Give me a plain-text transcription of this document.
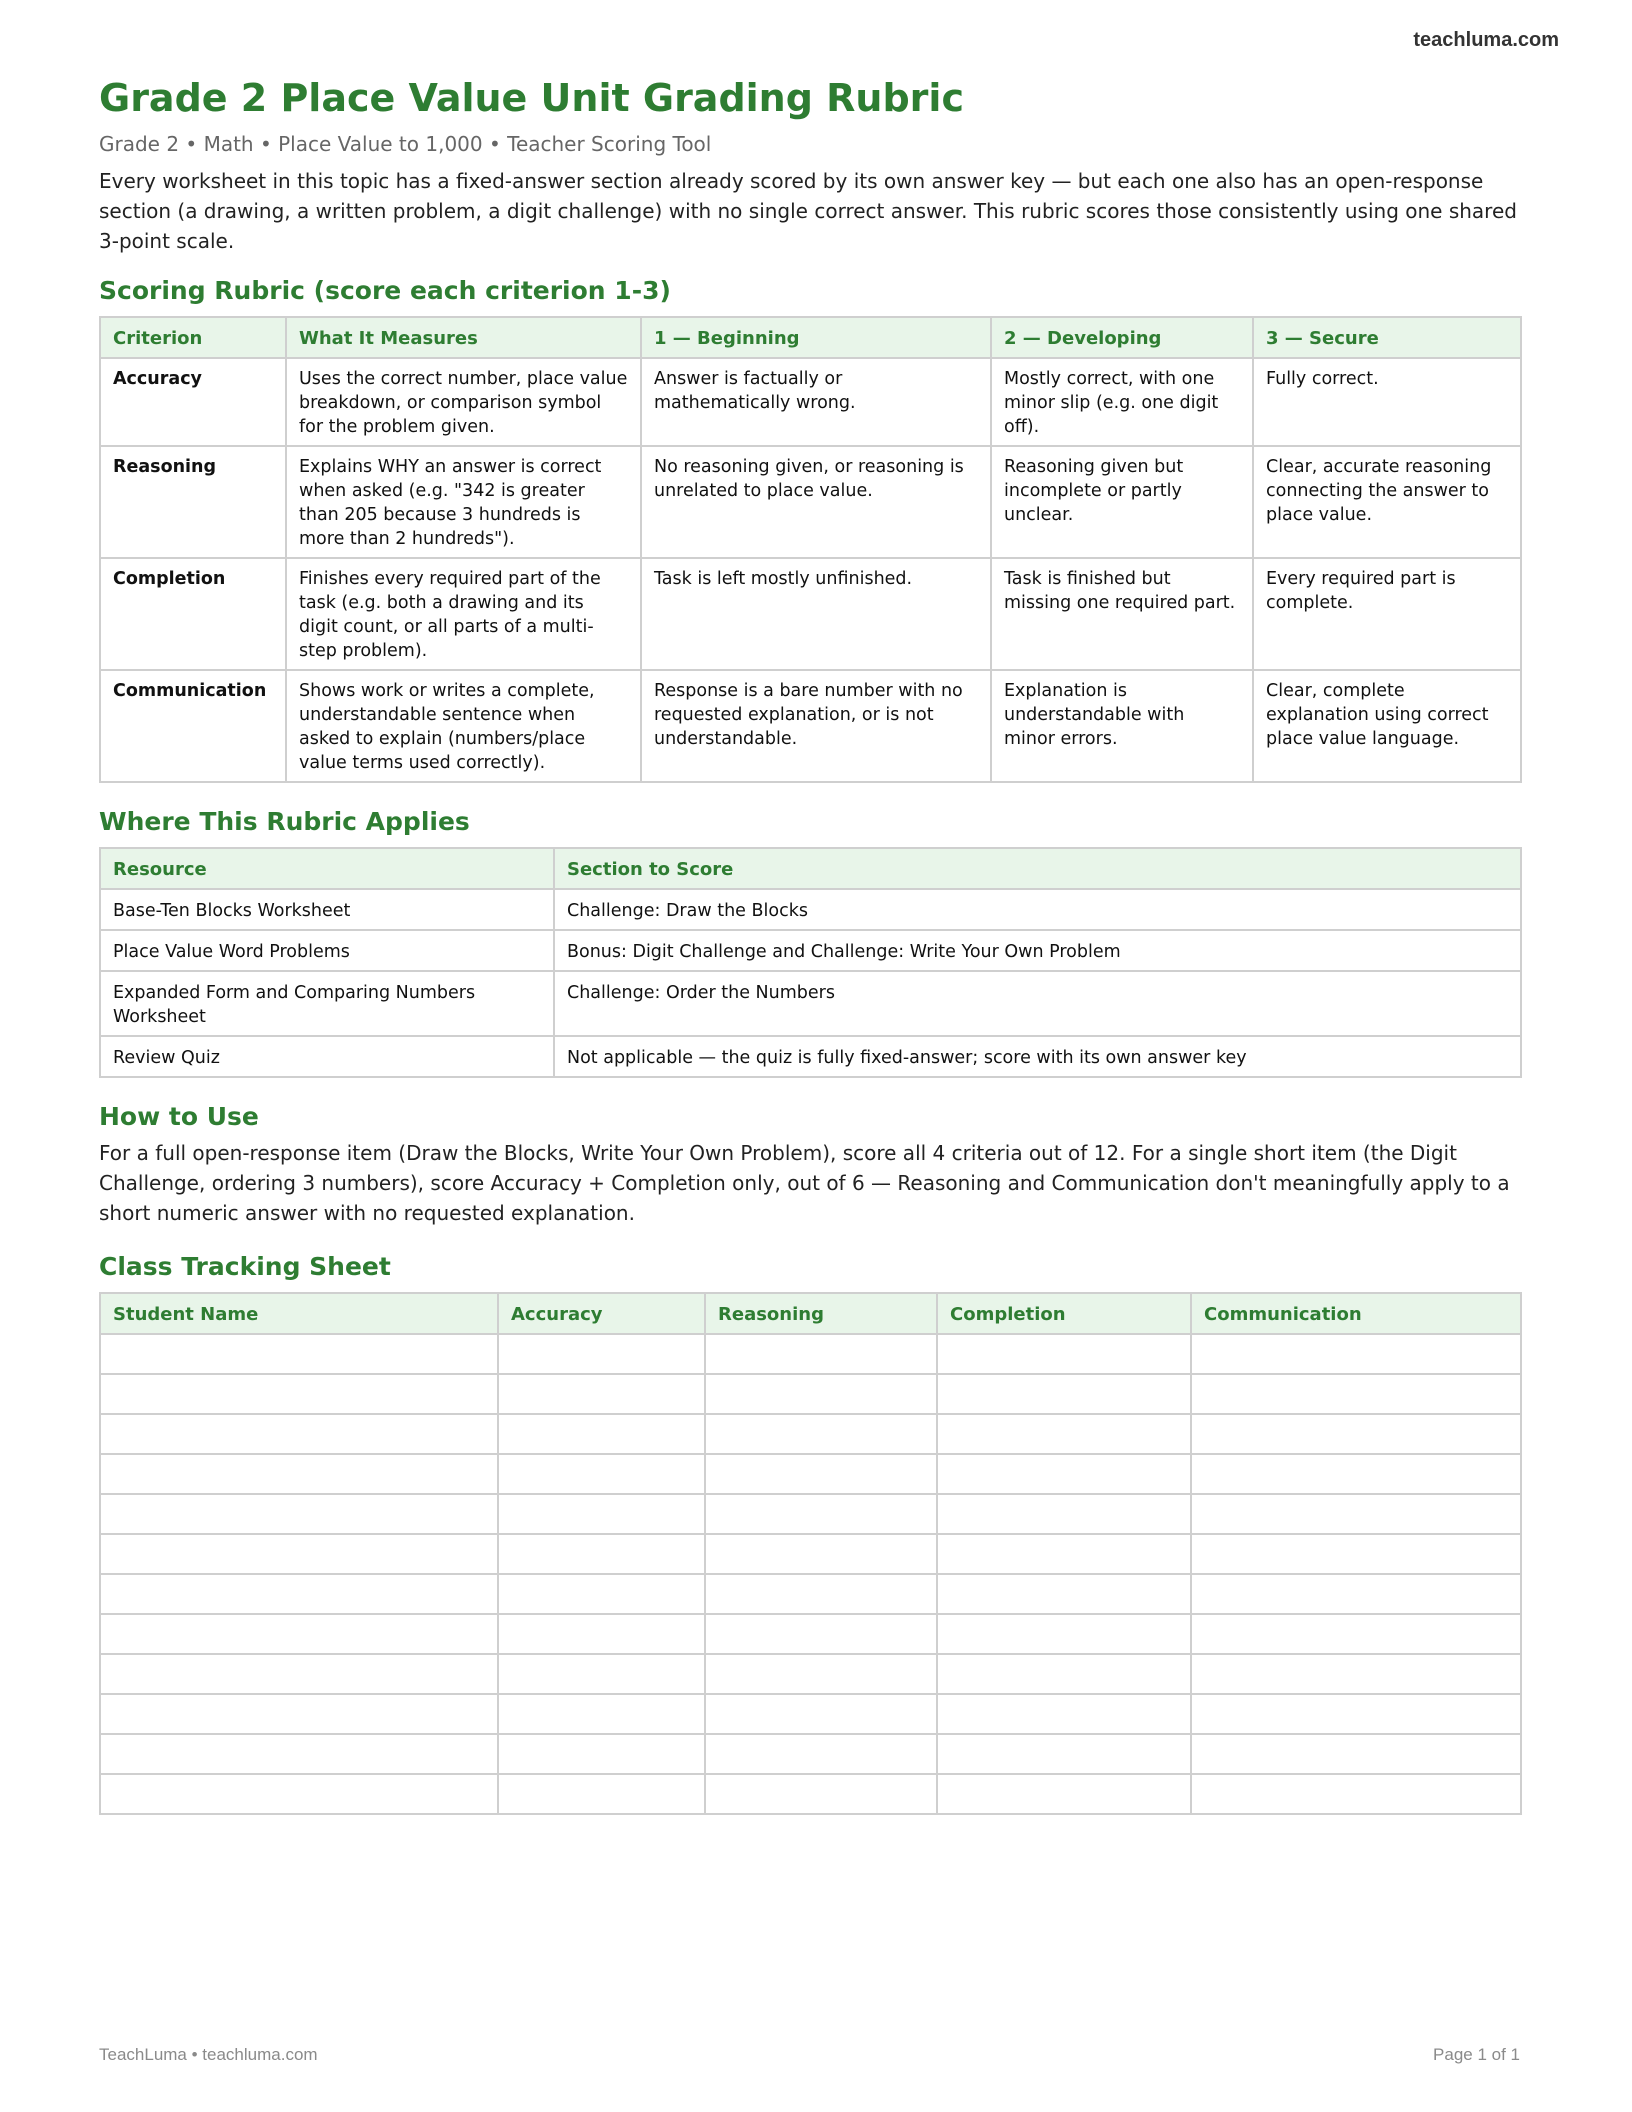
teachluma.com
Grade 2 Place Value Unit Grading Rubric
Grade 2 • Math • Place Value to 1,000 • Teacher Scoring Tool
Every worksheet in this topic has a fixed-answer section already scored by its own answer key — but each one also has an open-response section (a drawing, a written problem, a digit challenge) with no single correct answer. This rubric scores those consistently using one shared 3-point scale.
Scoring Rubric (score each criterion 1-3)
Criterion	What It Measures	1 — Beginning	2 — Developing	3 — Secure
Accuracy	Uses the correct number, place value breakdown, or comparison symbol for the problem given.	Answer is factually or mathematically wrong.	Mostly correct, with one minor slip (e.g. one digit off).	Fully correct.
Reasoning	Explains WHY an answer is correct when asked (e.g. "342 is greater than 205 because 3 hundreds is more than 2 hundreds").	No reasoning given, or reasoning is unrelated to place value.	Reasoning given but incomplete or partly unclear.	Clear, accurate reasoning connecting the answer to place value.
Completion	Finishes every required part of the task (e.g. both a drawing and its digit count, or all parts of a multi-step problem).	Task is left mostly unfinished.	Task is finished but missing one required part.	Every required part is complete.
Communication	Shows work or writes a complete, understandable sentence when asked to explain (numbers/place value terms used correctly).	Response is a bare number with no requested explanation, or is not understandable.	Explanation is understandable with minor errors.	Clear, complete explanation using correct place value language.
Where This Rubric Applies
Resource	Section to Score
Base-Ten Blocks Worksheet	Challenge: Draw the Blocks
Place Value Word Problems	Bonus: Digit Challenge and Challenge: Write Your Own Problem
Expanded Form and Comparing Numbers Worksheet	Challenge: Order the Numbers
Review Quiz	Not applicable — the quiz is fully fixed-answer; score with its own answer key
How to Use
For a full open-response item (Draw the Blocks, Write Your Own Problem), score all 4 criteria out of 12. For a single short item (the Digit Challenge, ordering 3 numbers), score Accuracy + Completion only, out of 6 — Reasoning and Communication don't meaningfully apply to a short numeric answer with no requested explanation.
Class Tracking Sheet
Student Name	Accuracy	Reasoning	Completion	Communication

TeachLuma • teachluma.com	Page 1 of 1
